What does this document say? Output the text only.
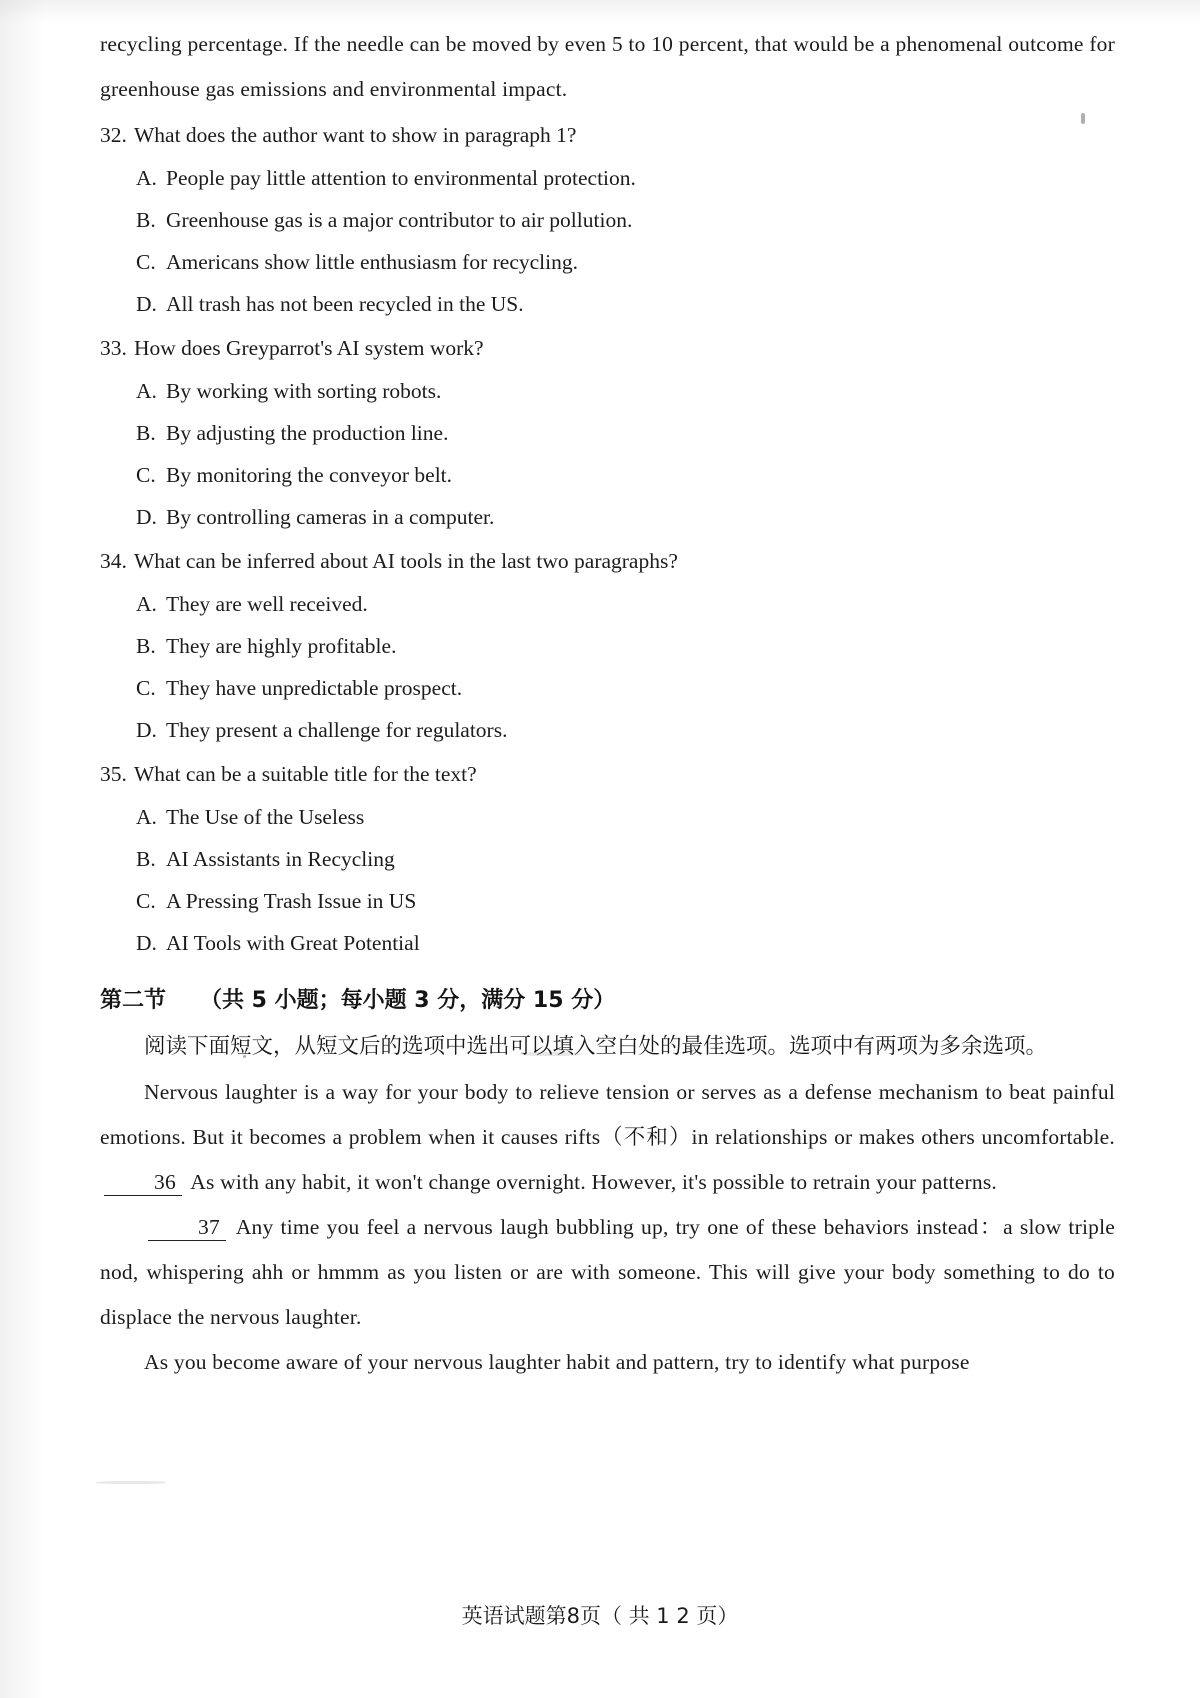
recycling percentage. If the needle can be moved by even 5 to 10 percent, that would be a phenomenal outcome for greenhouse gas emissions and environmental impact.
32. What does the author want to show in paragraph 1?
A. People pay little attention to environmental protection.
B. Greenhouse gas is a major contributor to air pollution.
C. Americans show little enthusiasm for recycling.
D. All trash has not been recycled in the US.
33. How does Greyparrot's AI system work?
A. By working with sorting robots.
B. By adjusting the production line.
C. By monitoring the conveyor belt.
D. By controlling cameras in a computer.
34. What can be inferred about AI tools in the last two paragraphs?
A. They are well received.
B. They are highly profitable.
C. They have unpredictable prospect.
D. They present a challenge for regulators.
35. What can be a suitable title for the text?
A. The Use of the Useless
B. AI Assistants in Recycling
C. A Pressing Trash Issue in US
D. AI Tools with Great Potential
第二节 （共 5 小题；每小题 3 分，满分 15 分）
阅读下面短文，从短文后的选项中选出可以填入空白处的最佳选项。选项中有两项为多余选项。
Nervous laughter is a way for your body to relieve tension or serves as a defense mechanism to beat painful emotions. But it becomes a problem when it causes rifts（不和）in relationships or makes others uncomfortable. 36 As with any habit, it won't change overnight. However, it's possible to retrain your patterns.
37 Any time you feel a nervous laugh bubbling up, try one of these behaviors instead：a slow triple nod, whispering ahh or hmmm as you listen or are with someone. This will give your body something to do to displace the nervous laughter.
As you become aware of your nervous laughter habit and pattern, try to identify what purpose
英语试题第8页（ 共 1 2 页）
